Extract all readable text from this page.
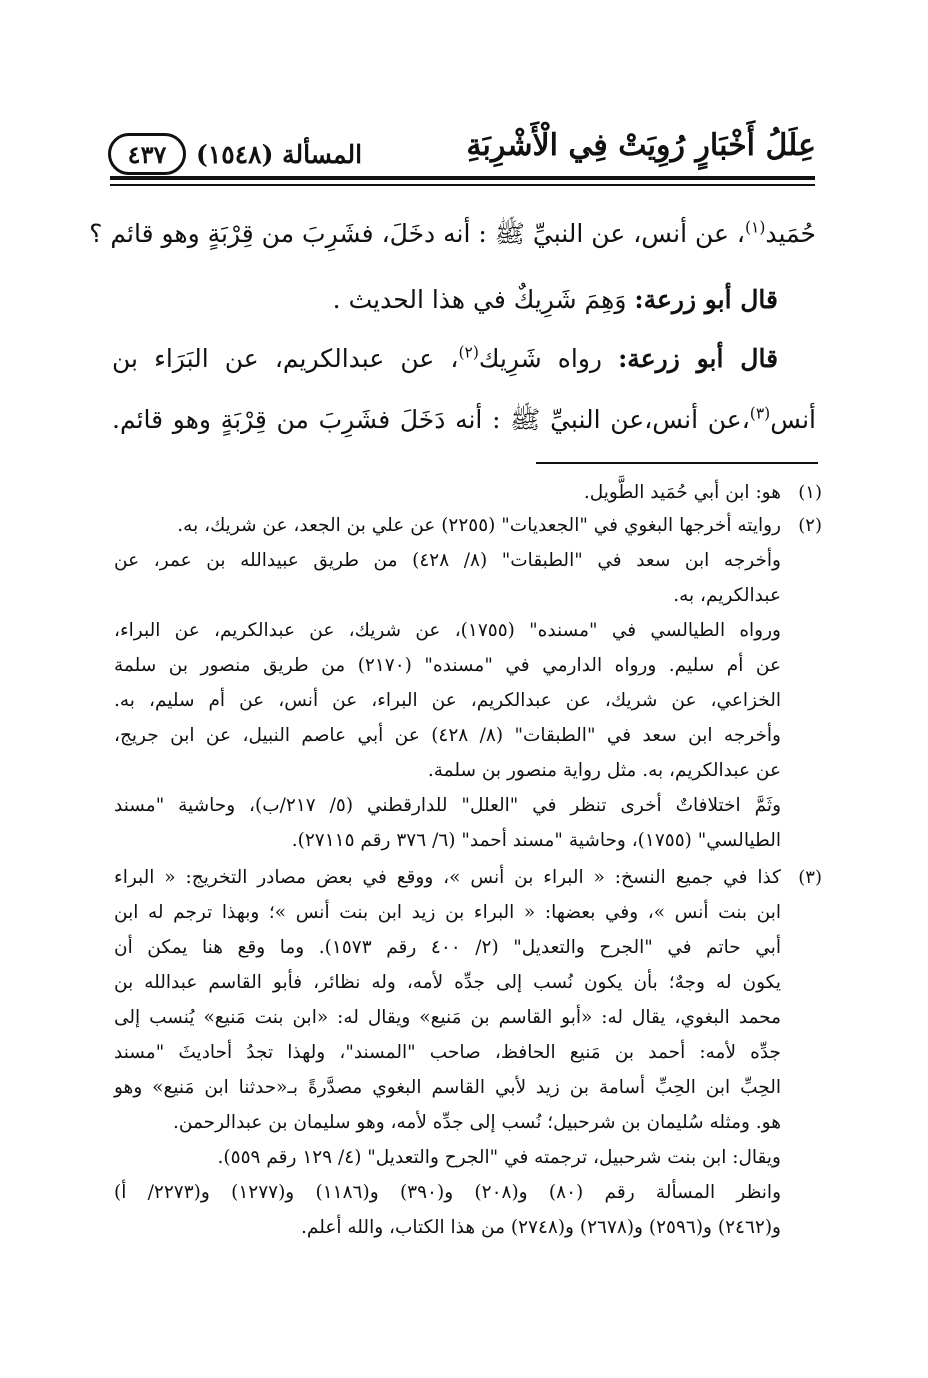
عِلَلُ أَخْبَارٍ رُوِيَتْ فِي الْأَشْرِبَةِ
المسألة (١٥٤٨)
٤٣٧
حُمَيد$^{(١)}$، عن أنس، عن النبيِّ ﷺ : أنه دخَلَ، فشَرِبَ من قِرْبَةٍ وهو قائم ؟
قال أبو زرعة: وَهِمَ شَرِيكٌ في هذا الحديث .
قال أبو زرعة: رواه شَرِيك$^{(٢)}$، عن عبدالكريم، عن البَرَاء بن
أنس$^{(٣)}$،عن أنس،عن النبيِّ ﷺ : أنه دَخَلَ فشَرِبَ من قِرْبَةٍ وهو قائم.
(١)
هو: ابن أبي حُمَيد الطَّويل.
(٢)
روايته أخرجها البغوي في "الجعديات" (٢٢٥٥) عن علي بن الجعد، عن شريك، به.
وأخرجه ابن سعد في "الطبقات" (٨/ ٤٢٨) من طريق عبيدالله بن عمر، عن
عبدالكريم، به.
ورواه الطيالسي في "مسنده" (١٧٥٥)، عن شريك، عن عبدالكريم، عن البراء،
عن أم سليم. ورواه الدارمي في "مسنده" (٢١٧٠) من طريق منصور بن سلمة
الخزاعي، عن شريك، عن عبدالكريم، عن البراء، عن أنس، عن أم سليم، به.
وأخرجه ابن سعد في "الطبقات" (٨/ ٤٢٨) عن أبي عاصم النبيل، عن ابن جريج،
عن عبدالكريم، به. مثل رواية منصور بن سلمة.
وثَمَّ اختلافاتٌ أخرى تنظر في "العلل" للدارقطني (٥/ ٢١٧/ب)، وحاشية "مسند
الطيالسي" (١٧٥٥)، وحاشية "مسند أحمد" (٦/ ٣٧٦ رقم ٢٧١١٥).
(٣)
كذا في جميع النسخ: « البراء بن أنس »، ووقع في بعض مصادر التخريج: « البراء
ابن بنت أنس »، وفي بعضها: « البراء بن زيد ابن بنت أنس »؛ وبهذا ترجم له ابن
أبي حاتم في "الجرح والتعديل" (٢/ ٤٠٠ رقم ١٥٧٣). وما وقع هنا يمكن أن
يكون له وجهٌ؛ بأن يكون نُسب إلى جدِّه لأمه، وله نظائر، فأبو القاسم عبدالله بن
محمد البغوي، يقال له: «أبو القاسم بن مَنيع» ويقال له: «ابن بنت مَنيع» يُنسب إلى
جدِّه لأمه: أحمد بن مَنيع الحافظ، صاحب "المسند"، ولهذا تجدُ أحاديثَ "مسند
الحِبِّ ابن الحِبِّ أسامة بن زيد لأبي القاسم البغوي مصدَّرةً بـ«حدثنا ابن مَنيع» وهو
هو. ومثله سُليمان بن شرحبيل؛ نُسب إلى جدِّه لأمه، وهو سليمان بن عبدالرحمن.
ويقال: ابن بنت شرحبيل، ترجمته في "الجرح والتعديل" (٤/ ١٢٩ رقم ٥٥٩).
وانظر المسألة رقم (٨٠) و(٢٠٨) و(٣٩٠) و(١١٨٦) و(١٢٧٧) و(٢٢٧٣/ أ)
و(٢٤٦٢) و(٢٥٩٦) و(٢٦٧٨) و(٢٧٤٨) من هذا الكتاب، والله أعلم.
